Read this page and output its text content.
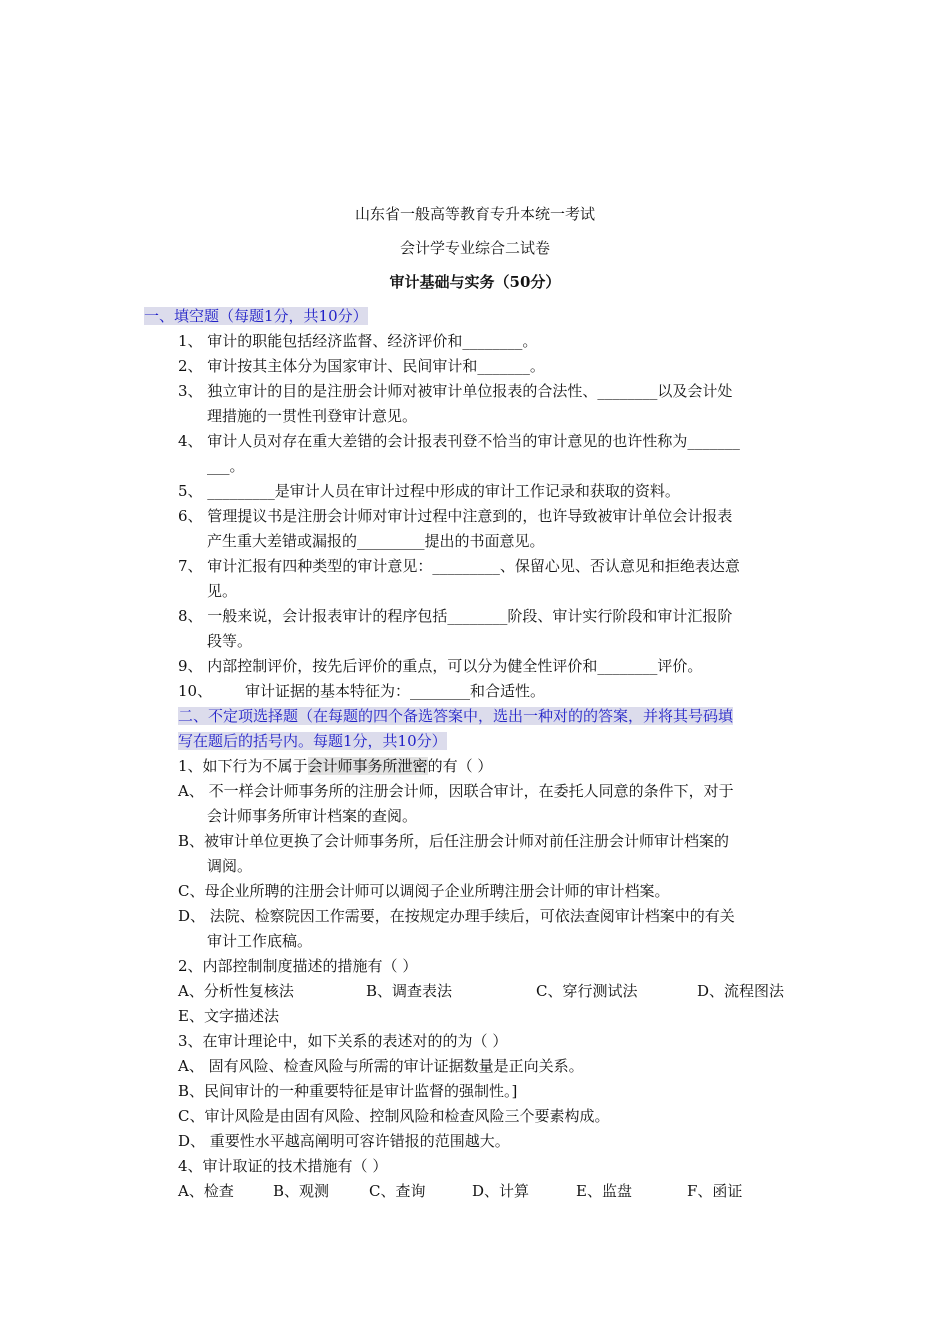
山东省一般高等教育专升本统一考试
会计学专业综合二试卷
审计基础与实务（50分）
一、填空题（每题1分，共10分）
1、 审计的职能包括经济监督、经济评价和________。
2、 审计按其主体分为国家审计、民间审计和_______。
3、 独立审计的目的是注册会计师对被审计单位报表的合法性、________以及会计处
理措施的一贯性刊登审计意见。
4、 审计人员对存在重大差错的会计报表刊登不恰当的审计意见的也许性称为_______
___。
5、 _________是审计人员在审计过程中形成的审计工作记录和获取的资料。
6、 管理提议书是注册会计师对审计过程中注意到的，也许导致被审计单位会计报表
产生重大差错或漏报的_________提出的书面意见。
7、 审计汇报有四种类型的审计意见：_________、保留心见、否认意见和拒绝表达意
见。
8、 一般来说，会计报表审计的程序包括________阶段、审计实行阶段和审计汇报阶
段等。
9、 内部控制评价，按先后评价的重点，可以分为健全性评价和________评价。
10、 审计证据的基本特征为：________和合适性。
二、不定项选择题（在每题的四个备选答案中，选出一种对的的答案，并将其号码填
写在题后的括号内。每题1分，共10分）
1、如下行为不属于会计师事务所泄密的有（ ）
A、 不一样会计师事务所的注册会计师，因联合审计，在委托人同意的条件下，对于
会计师事务所审计档案的查阅。
B、被审计单位更换了会计师事务所，后任注册会计师对前任注册会计师审计档案的
调阅。
C、母企业所聘的注册会计师可以调阅子企业所聘注册会计师的审计档案。
D、 法院、检察院因工作需要，在按规定办理手续后，可依法查阅审计档案中的有关
审计工作底稿。
2、内部控制制度描述的措施有（ ）
A、分析性复核法	B、调查表法	C、穿行测试法	D、流程图法
E、文字描述法
3、在审计理论中，如下关系的表述对的的为（ ）
A、 固有风险、检查风险与所需的审计证据数量是正向关系。
B、民间审计的一种重要特征是审计监督的强制性。]
C、审计风险是由固有风险、控制风险和检查风险三个要素构成。
D、 重要性水平越高阐明可容许错报的范围越大。
4、审计取证的技术措施有（ ）
A、检查	B、观测	C、查询	D、计算	E、监盘	F、函证
